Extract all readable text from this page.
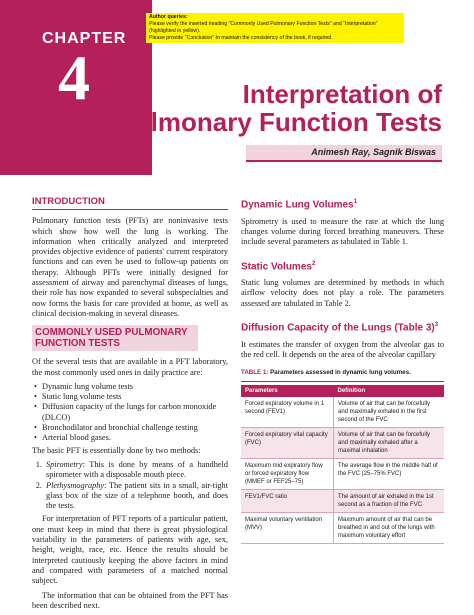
CHAPTER
4
Author queries:
Please verify the inserted heading "Commonly Used Pulmonary Function Tests" and "Interpretation" (highlighted in yellow).
Please provide "Conclusion" to maintain the consistency of the book, if required.
Interpretation of
Pulmonary Function Tests
Animesh Ray, Sagnik Biswas
INTRODUCTION

Pulmonary function tests (PFTs) are noninvasive tests which show how well the lung is working. The information when critically analyzed and interpreted provides objective evidence of patients' current respiratory functions and can even be used to follow-up patients on therapy. Although PFTs were initially designed for assessment of airway and parenchymal diseases of lungs, their role has now expanded to several subspecialties and now forms the basis for care provided at home, as well as clinical decision-making in several diseases.

COMMONLY USED PULMONARY FUNCTION TESTS

Of the several tests that are available in a PFT laboratory, the most commonly used ones in daily practice are:

• Dynamic lung volume tests
• Static lung volume tests
• Diffusion capacity of the lungs for carbon monoxide (DLCO)
• Bronchodilator and bronchial challenge testing
• Arterial blood gases.

The basic PFT is essentially done by two methods:

1. Spirometry: This is done by means of a handheld spirometer with a disposable mouth piece.
2. Plethysmography: The patient sits in a small, air-tight glass box of the size of a telephone booth, and does the tests.

For interpretation of PFT reports of a particular patient, one must keep in mind that there is great physiological variability in the parameters of patients with age, sex, height, weight, race, etc. Hence the results should be interpreted cautiously keeping the above factors in mind and compared with parameters of a matched normal subject.

The information that can be obtained from the PFT has been described next.

Dynamic Lung Volumes$^1$

Spirometry is used to measure the rate at which the lung changes volume during forced breathing maneuvers. These include several parameters as tabulated in Table 1.

Static Volumes$^2$

Static lung volumes are determined by methods in which airflow velocity does not play a role. The parameters assessed are tabulated in Table 2.

Diffusion Capacity of the Lungs (Table 3)$^3$

It estimates the transfer of oxygen from the alveolar gas to the red cell. It depends on the area of the alveolar capillary

TABLE 1: Parameters assessed in dynamic lung volumes.
Parameters	Definition
Forced expiratory volume in 1 second (FEV1)	Volume of air that can be forcefully and maximally exhaled in the first second of the FVC
Forced expiratory vital capacity (FVC)	Volume of air that can be forcefully and maximally exhaled after a maximal inhalation
Maximum mid expiratory flow or forced expiratory flow (MMEF or FEF25–75)	The average flow in the middle half of the FVC (25–75% FVC)
FEV1/FVC ratio	The amount of air exhaled in the 1st second as a fraction of the FVC
Maximal voluntary ventilation (MVV)	Maximum amount of air that can be breathed in and out of the lungs with maximum voluntary effort
